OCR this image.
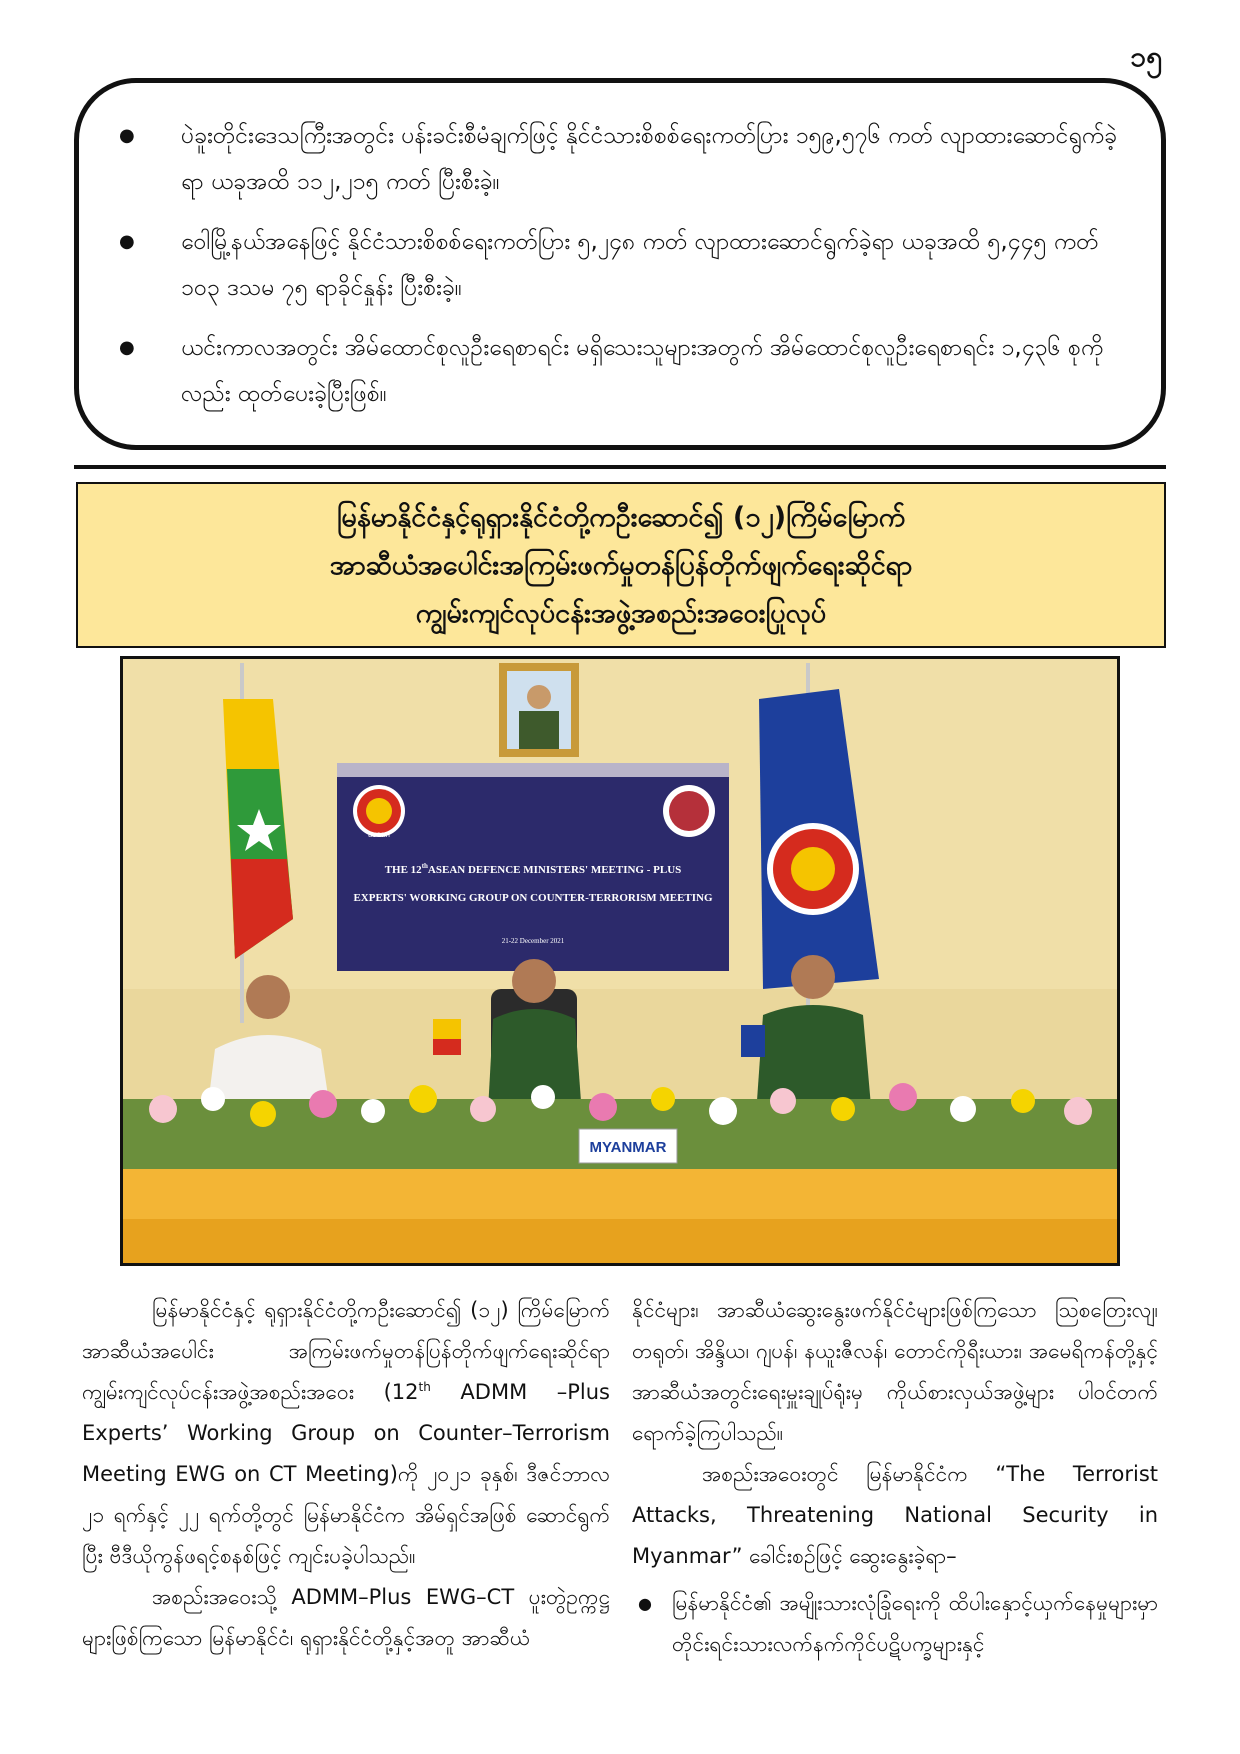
၁၅
● ပဲခူးတိုင်းဒေသကြီးအတွင်း ပန်းခင်းစီမံချက်ဖြင့် နိုင်ငံသားစိစစ်ရေးကတ်ပြား ၁၅၉,၅၇၆ ကတ် လျာထားဆောင်ရွက်ခဲ့ရာ ယခုအထိ ၁၁၂,၂၁၅ ကတ် ပြီးစီးခဲ့။
● ဝေါမြို့နယ်အနေဖြင့် နိုင်ငံသားစိစစ်ရေးကတ်ပြား ၅,၂၄၈ ကတ် လျာထားဆောင်ရွက်ခဲ့ရာ ယခုအထိ ၅,၄၄၅ ကတ် ၁၀၃ ဒသမ ၇၅ ရာခိုင်နှုန်း ပြီးစီးခဲ့။
● ယင်းကာလအတွင်း အိမ်ထောင်စုလူဦးရေစာရင်း မရှိသေးသူများအတွက် အိမ်ထောင်စုလူဦးရေစာရင်း ၁,၄၃၆ စုကိုလည်း ထုတ်ပေးခဲ့ပြီးဖြစ်။
မြန်မာနိုင်ငံနှင့်ရုရှားနိုင်ငံတို့ကဦးဆောင်၍ (၁၂)ကြိမ်မြောက်
အာဆီယံအပေါင်းအကြမ်းဖက်မှုတန်ပြန်တိုက်ဖျက်ရေးဆိုင်ရာ
ကျွမ်းကျင်လုပ်ငန်းအဖွဲ့အစည်းအဝေးပြုလုပ်
asean
THE 12thASEAN DEFENCE MINISTERS' MEETING - PLUS
EXPERTS' WORKING GROUP ON COUNTER-TERRORISM MEETING
21-22 December 2021
MYANMAR

မြန်မာနိုင်ငံနှင့် ရုရှားနိုင်ငံတို့ကဦးဆောင်၍ (၁၂) ကြိမ်မြောက် အာဆီယံအပေါင်း အကြမ်းဖက်မှုတန်ပြန်တိုက်ဖျက်ရေးဆိုင်ရာ ကျွမ်းကျင်လုပ်ငန်းအဖွဲ့အစည်းအဝေး (12th ADMM –Plus Experts’ Working Group on Counter–Terrorism Meeting EWG on CT Meeting)ကို ၂၀၂၁ ခုနှစ်၊ ဒီဇင်ဘာလ ၂၁ ရက်နှင့် ၂၂ ရက်တို့တွင် မြန်မာနိုင်ငံက အိမ်ရှင်အဖြစ် ဆောင်ရွက်ပြီး ဗီဒီယိုကွန်ဖရင့်စနစ်ဖြင့် ကျင်းပခဲ့ပါသည်။

အစည်းအဝေးသို့ ADMM–Plus EWG–CT ပူးတွဲဥက္ကဋ္ဌများဖြစ်ကြသော မြန်မာနိုင်ငံ၊ ရုရှားနိုင်ငံတို့နှင့်အတူ အာဆီယံ

နိုင်ငံများ၊ အာဆီယံဆွေးနွေးဖက်နိုင်ငံများဖြစ်ကြသော ဩစတြေးလျ၊ တရုတ်၊ အိန္ဒိယ၊ ဂျပန်၊ နယူးဇီလန်၊ တောင်ကိုရီးယား၊ အမေရိကန်တို့နှင့် အာဆီယံအတွင်းရေးမှူးချုပ်ရုံးမှ ကိုယ်စားလှယ်အဖွဲ့များ ပါဝင်တက်ရောက်ခဲ့ကြပါသည်။

အစည်းအဝေးတွင် မြန်မာနိုင်ငံက “The Terrorist Attacks, Threatening National Security in Myanmar” ခေါင်းစဉ်ဖြင့် ဆွေးနွေးခဲ့ရာ–

● မြန်မာနိုင်ငံ၏ အမျိုးသားလုံခြုံရေးကို ထိပါးနှောင့်ယှက်နေမှုများမှာ တိုင်းရင်းသားလက်နက်ကိုင်ပဋိပက္ခများနှင့်
